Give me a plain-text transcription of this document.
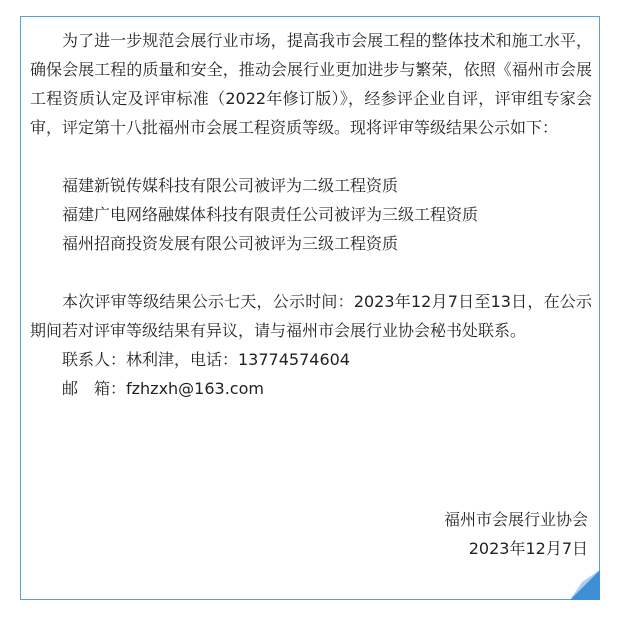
为了进一步规范会展行业市场，提高我市会展工程的整体技术和施工水平，确保会展工程的质量和安全，推动会展行业更加进步与繁荣，依照《福州市会展工程资质认定及评审标准（2022年修订版）》，经参评企业自评，评审组专家会审，评定第十八批福州市会展工程资质等级。现将评审等级结果公示如下：

福建新锐传媒科技有限公司被评为二级工程资质

福建广电网络融媒体科技有限责任公司被评为三级工程资质

福州招商投资发展有限公司被评为三级工程资质

本次评审等级结果公示七天，公示时间：2023年12月7日至13日，在公示期间若对评审等级结果有异议，请与福州市会展行业协会秘书处联系。

联系人：林利津，电话：13774574604

邮　箱：fzhzxh@163.com

福州市会展行业协会
2023年12月7日
